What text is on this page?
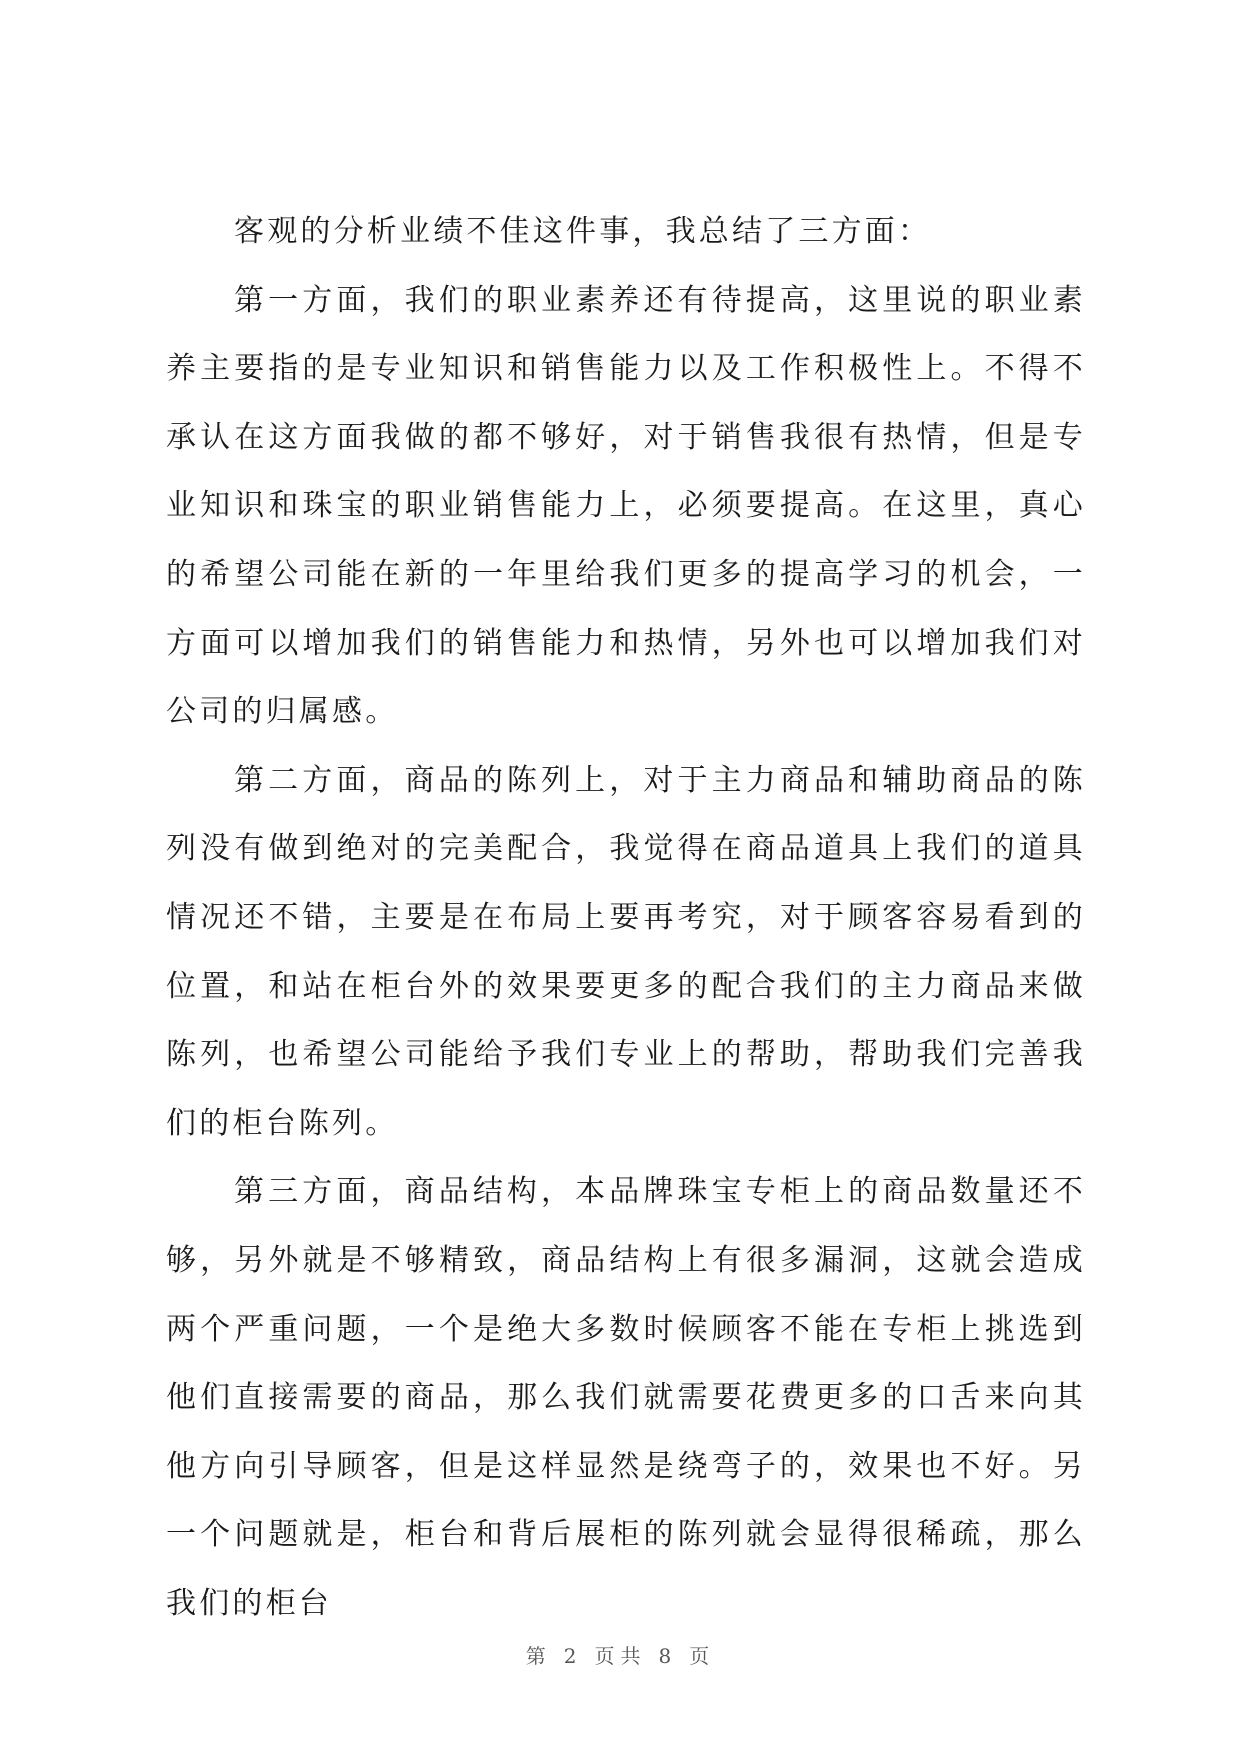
客观的分析业绩不佳这件事，我总结了三方面：

第一方面，我们的职业素养还有待提高，这里说的职业素养主要指的是专业知识和销售能力以及工作积极性上。不得不承认在这方面我做的都不够好，对于销售我很有热情，但是专业知识和珠宝的职业销售能力上，必须要提高。在这里，真心的希望公司能在新的一年里给我们更多的提高学习的机会，一方面可以增加我们的销售能力和热情，另外也可以增加我们对公司的归属感。

第二方面，商品的陈列上，对于主力商品和辅助商品的陈列没有做到绝对的完美配合，我觉得在商品道具上我们的道具情况还不错，主要是在布局上要再考究，对于顾客容易看到的位置，和站在柜台外的效果要更多的配合我们的主力商品来做陈列，也希望公司能给予我们专业上的帮助，帮助我们完善我们的柜台陈列。

第三方面，商品结构，本品牌珠宝专柜上的商品数量还不够，另外就是不够精致，商品结构上有很多漏洞，这就会造成两个严重问题，一个是绝大多数时候顾客不能在专柜上挑选到他们直接需要的商品，那么我们就需要花费更多的口舌来向其他方向引导顾客，但是这样显然是绕弯子的，效果也不好。另一个问题就是，柜台和背后展柜的陈列就会显得很稀疏，那么我们的柜台

第 2 页共 8 页
